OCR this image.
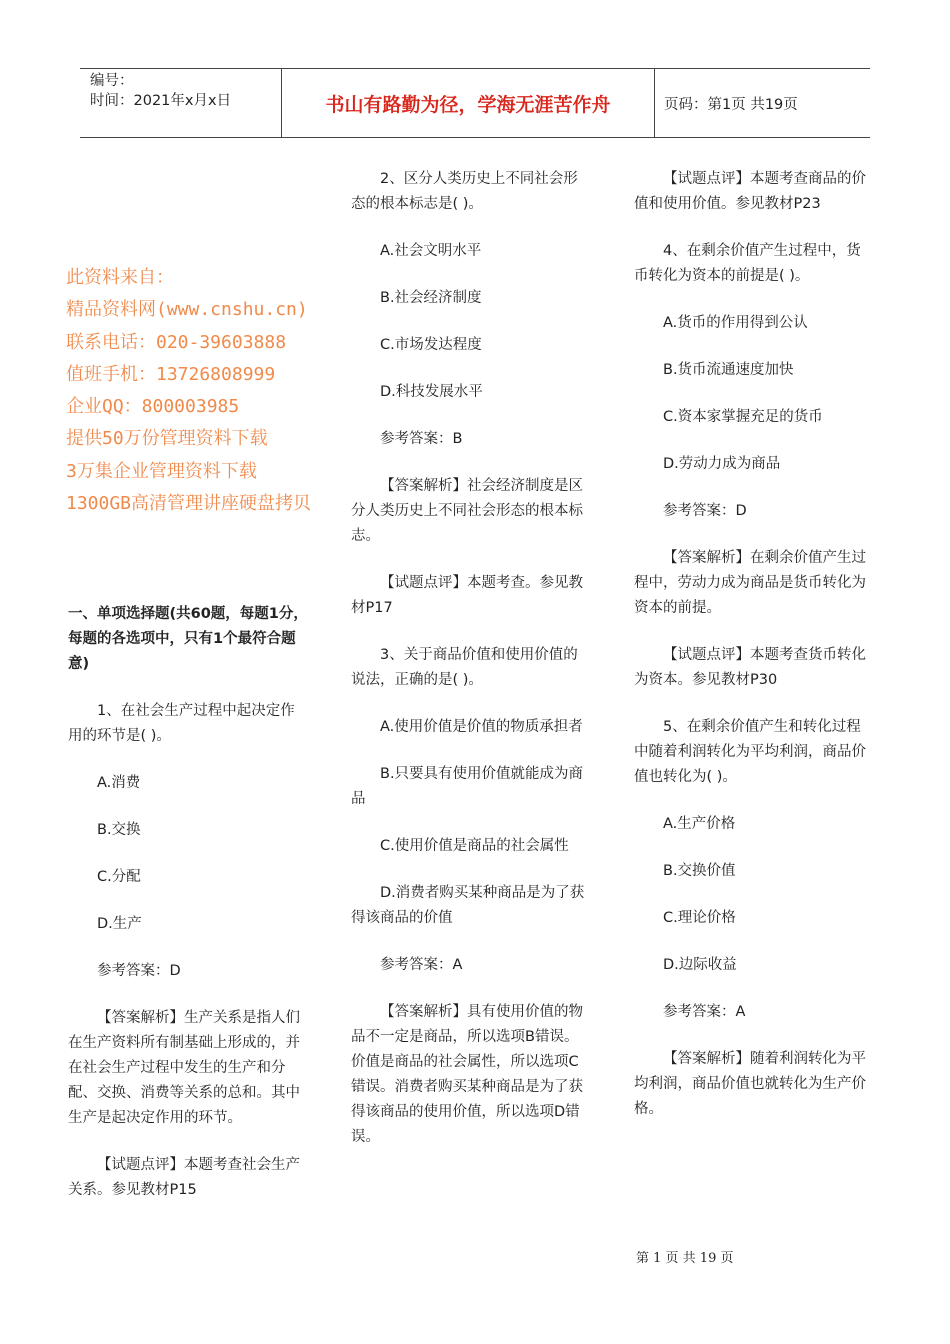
编号：
时间：2021年x月x日	书山有路勤为径，学海无涯苦作舟	页码：第1页 共19页
此资料来自：
精品资料网(www.cnshu.cn)
联系电话：020-39603888
值班手机：13726808999
企业QQ：800003985
提供50万份管理资料下载
3万集企业管理资料下载
1300GB高清管理讲座硬盘拷贝

一、单项选择题(共60题，每题1分，每题的各选项中，只有1个最符合题意)

1、在社会生产过程中起决定作用的环节是( )。

A.消费

B.交换

C.分配

D.生产

参考答案：D

【答案解析】生产关系是指人们在生产资料所有制基础上形成的，并在社会生产过程中发生的生产和分配、交换、消费等关系的总和。其中生产是起决定作用的环节。

【试题点评】本题考查社会生产关系。参见教材P15

2、区分人类历史上不同社会形态的根本标志是( )。

A.社会文明水平

B.社会经济制度

C.市场发达程度

D.科技发展水平

参考答案：B

【答案解析】社会经济制度是区分人类历史上不同社会形态的根本标志。

【试题点评】本题考查。参见教材P17

3、关于商品价值和使用价值的说法，正确的是( )。

A.使用价值是价值的物质承担者

B.只要具有使用价值就能成为商品

C.使用价值是商品的社会属性

D.消费者购买某种商品是为了获得该商品的价值

参考答案：A

【答案解析】具有使用价值的物品不一定是商品，所以选项B错误。价值是商品的社会属性，所以选项C错误。消费者购买某种商品是为了获得该商品的使用价值，所以选项D错误。

【试题点评】本题考查商品的价值和使用价值。参见教材P23

4、在剩余价值产生过程中，货币转化为资本的前提是( )。

A.货币的作用得到公认

B.货币流通速度加快

C.资本家掌握充足的货币

D.劳动力成为商品

参考答案：D

【答案解析】在剩余价值产生过程中，劳动力成为商品是货币转化为资本的前提。

【试题点评】本题考查货币转化为资本。参见教材P30

5、在剩余价值产生和转化过程中随着利润转化为平均利润，商品价值也转化为( )。

A.生产价格

B.交换价值

C.理论价格

D.边际收益

参考答案：A

【答案解析】随着利润转化为平均利润，商品价值也就转化为生产价格。

第 1 页 共 19 页
